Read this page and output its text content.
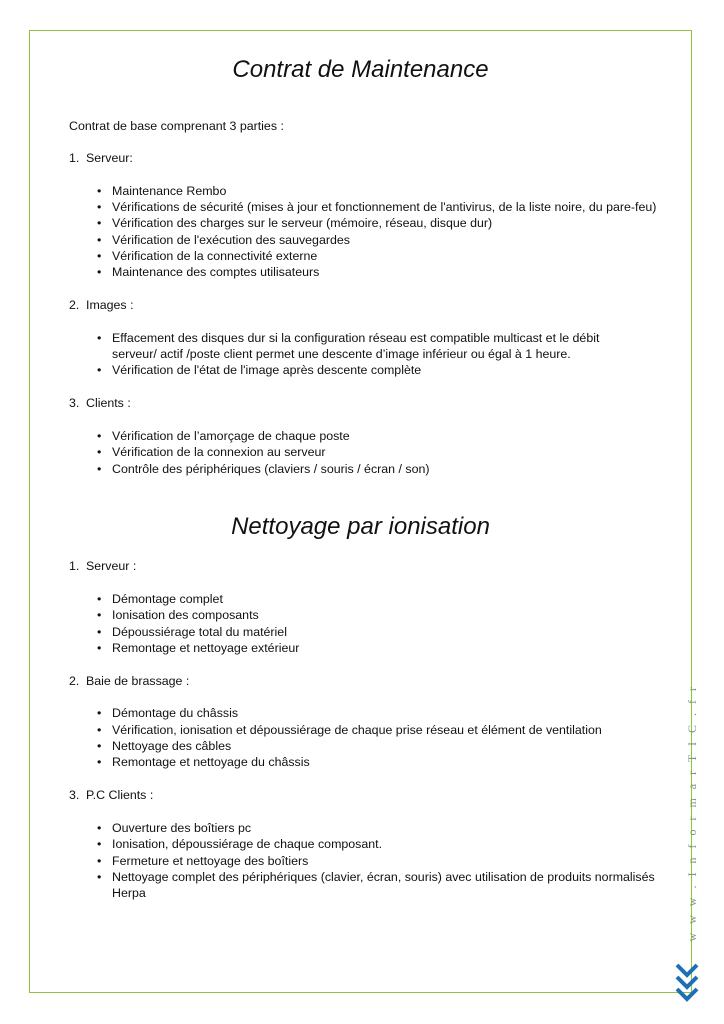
Contrat de Maintenance
Contrat de base comprenant 3 parties :
1. Serveur:
• Maintenance Rembo
• Vérifications de sécurité (mises à jour et fonctionnement de l'antivirus, de la liste noire, du pare-feu)
• Vérification des charges sur le serveur (mémoire, réseau, disque dur)
• Vérification de l'exécution des sauvegardes
• Vérification de la connectivité externe
• Maintenance des comptes utilisateurs
2. Images :
• Effacement des disques dur si la configuration réseau est compatible multicast et le débit
serveur/ actif /poste client permet une descente d’image inférieur ou égal à 1 heure.
• Vérification de l'état de l'image après descente complète
3. Clients :
• Vérification de l’amorçage de chaque poste
• Vérification de la connexion au serveur
• Contrôle des périphériques (claviers / souris / écran / son)
Nettoyage par ionisation
1. Serveur :
• Démontage complet
• Ionisation des composants
• Dépoussiérage total du matériel
• Remontage et nettoyage extérieur
2. Baie de brassage :
• Démontage du châssis
• Vérification, ionisation et dépoussiérage de chaque prise réseau et élément de ventilation
• Nettoyage des câbles
• Remontage et nettoyage du châssis
3. P.C Clients :
• Ouverture des boîtiers pc
• Ionisation, dépoussiérage de chaque composant.
• Fermeture et nettoyage des boîtiers
• Nettoyage complet des périphériques (clavier, écran, souris) avec utilisation de produits normalisés
Herpa	w w w . I n f o r m a r T I C . f r
